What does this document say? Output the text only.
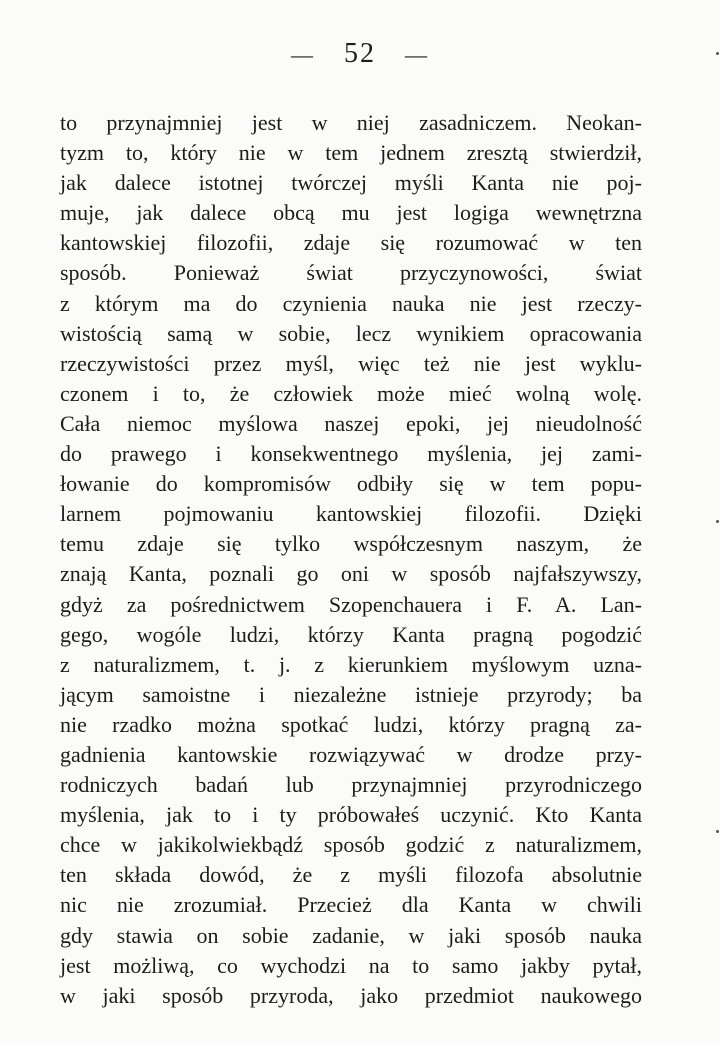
— 52 —
to przynajmniej jest w niej zasadniczem. Neokan-
tyzm to, który nie w tem jednem zresztą stwierdził,
jak dalece istotnej twórczej myśli Kanta nie poj-
muje, jak dalece obcą mu jest logiga wewnętrzna
kantowskiej filozofii, zdaje się rozumować w ten
sposób. Ponieważ świat przyczynowości, świat
z którym ma do czynienia nauka nie jest rzeczy-
wistością samą w sobie, lecz wynikiem opracowania
rzeczywistości przez myśl, więc też nie jest wyklu-
czonem i to, że człowiek może mieć wolną wolę.
Cała niemoc myślowa naszej epoki, jej nieudolność
do prawego i konsekwentnego myślenia, jej zami-
łowanie do kompromisów odbiły się w tem popu-
larnem pojmowaniu kantowskiej filozofii. Dzięki
temu zdaje się tylko współczesnym naszym, że
znają Kanta, poznali go oni w sposób najfałszywszy,
gdyż za pośrednictwem Szopenchauera i F. A. Lan-
gego, wogóle ludzi, którzy Kanta pragną pogodzić
z naturalizmem, t. j. z kierunkiem myślowym uzna-
jącym samoistne i niezależne istnieje przyrody; ba
nie rzadko można spotkać ludzi, którzy pragną za-
gadnienia kantowskie rozwiązywać w drodze przy-
rodniczych badań lub przynajmniej przyrodniczego
myślenia, jak to i ty próbowałeś uczynić. Kto Kanta
chce w jakikolwiekbądź sposób godzić z naturalizmem,
ten składa dowód, że z myśli filozofa absolutnie
nic nie zrozumiał. Przecież dla Kanta w chwili
gdy stawia on sobie zadanie, w jaki sposób nauka
jest możliwą, co wychodzi na to samo jakby pytał,
w jaki sposób przyroda, jako przedmiot naukowego
